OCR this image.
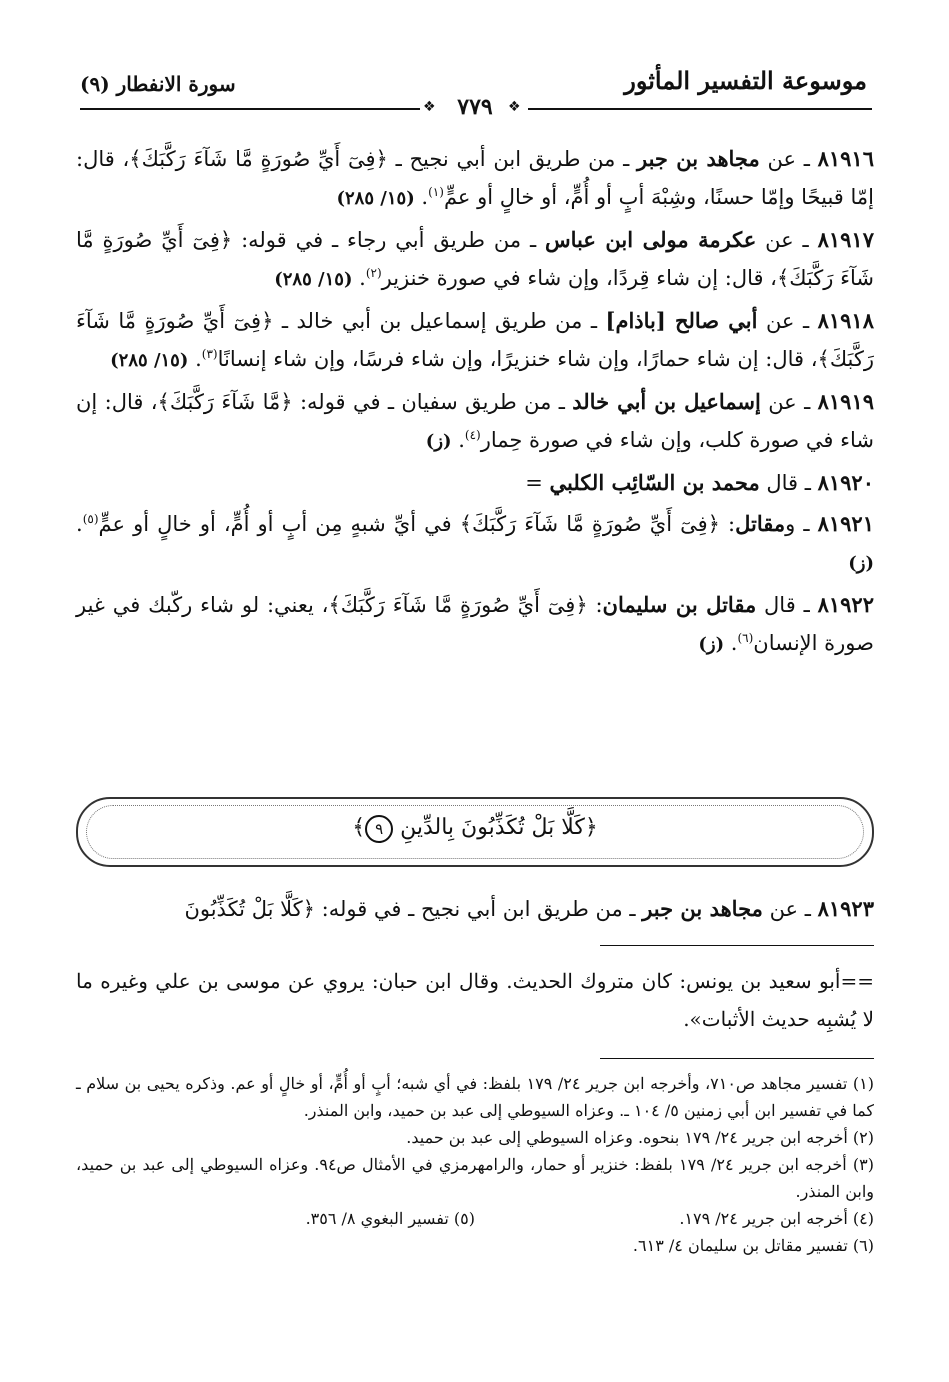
موسوعة التفسير المأثور
سورة الانفطار (٩)
❖	❖
٧٧٩
٨١٩١٦ ـ عن مجاهد بن جبر ـ من طريق ابن أبي نجيح ـ ﴿فِىٓ أَيِّ صُورَةٍ مَّا شَآءَ رَكَّبَكَ﴾، قال: إمّا قبيحًا وإمّا حسنًا، وشِبْهَ أبٍ أو أُمٍّ، أو خالٍ أو عمٍّ$^{(١)}$. (١٥/ ٢٨٥)
٨١٩١٧ ـ عن عكرمة مولى ابن عباس ـ من طريق أبي رجاء ـ في قوله: ﴿فِىٓ أَيِّ صُورَةٍ مَّا شَآءَ رَكَّبَكَ﴾، قال: إن شاء قِردًا، وإن شاء في صورة خنزير$^{(٢)}$. (١٥/ ٢٨٥)
٨١٩١٨ ـ عن أبي صالح [باذام] ـ من طريق إسماعيل بن أبي خالد ـ ﴿فِىٓ أَيِّ صُورَةٍ مَّا شَآءَ رَكَّبَكَ﴾، قال: إن شاء حمارًا، وإن شاء خنزيرًا، وإن شاء فرسًا، وإن شاء إنسانًا$^{(٣)}$. (١٥/ ٢٨٥)
٨١٩١٩ ـ عن إسماعيل بن أبي خالد ـ من طريق سفيان ـ في قوله: ﴿مَّا شَآءَ رَكَّبَكَ﴾، قال: إن شاء في صورة كلب، وإن شاء في صورة حِمار$^{(٤)}$. (ز)
٨١٩٢٠ ـ قال محمد بن السّائِب الكلبي =
٨١٩٢١ ـ ومقاتل: ﴿فِىٓ أَيِّ صُورَةٍ مَّا شَآءَ رَكَّبَكَ﴾ في أيِّ شبهٍ مِن أبٍ أو أُمٍّ، أو خالٍ أو عمٍّ$^{(٥)}$. (ز)
٨١٩٢٢ ـ قال مقاتل بن سليمان: ﴿فِىٓ أَيِّ صُورَةٍ مَّا شَآءَ رَكَّبَكَ﴾، يعني: لو شاء ركّبك في غير صورة الإنسان$^{(٦)}$. (ز)
﴿كَلَّا بَلْ تُكَذِّبُونَ بِالدِّينِ ٩﴾
٨١٩٢٣ ـ عن مجاهد بن جبر ـ من طريق ابن أبي نجيح ـ في قوله: ﴿كَلَّا بَلْ تُكَذِّبُونَ
==أبو سعيد بن يونس: كان متروك الحديث. وقال ابن حبان: يروي عن موسى بن علي وغيره ما لا يُشبِه حديث الأثبات».
(١) تفسير مجاهد ص٧١٠، وأخرجه ابن جرير ٢٤/ ١٧٩ بلفظ: في أي شبه؛ أبٍ أو أُمٍّ، أو خالٍ أو عم. وذكره يحيى بن سلام ـ كما في تفسير ابن أبي زمنين ٥/ ١٠٤ ـ. وعزاه السيوطي إلى عبد بن حميد، وابن المنذر.
(٢) أخرجه ابن جرير ٢٤/ ١٧٩ بنحوه. وعزاه السيوطي إلى عبد بن حميد.
(٣) أخرجه ابن جرير ٢٤/ ١٧٩ بلفظ: خنزير أو حمار، والرامهرمزي في الأمثال ص٩٤. وعزاه السيوطي إلى عبد بن حميد، وابن المنذر.
(٤) أخرجه ابن جرير ٢٤/ ١٧٩.
(٥) تفسير البغوي ٨/ ٣٥٦.
(٦) تفسير مقاتل بن سليمان ٤/ ٦١٣.
